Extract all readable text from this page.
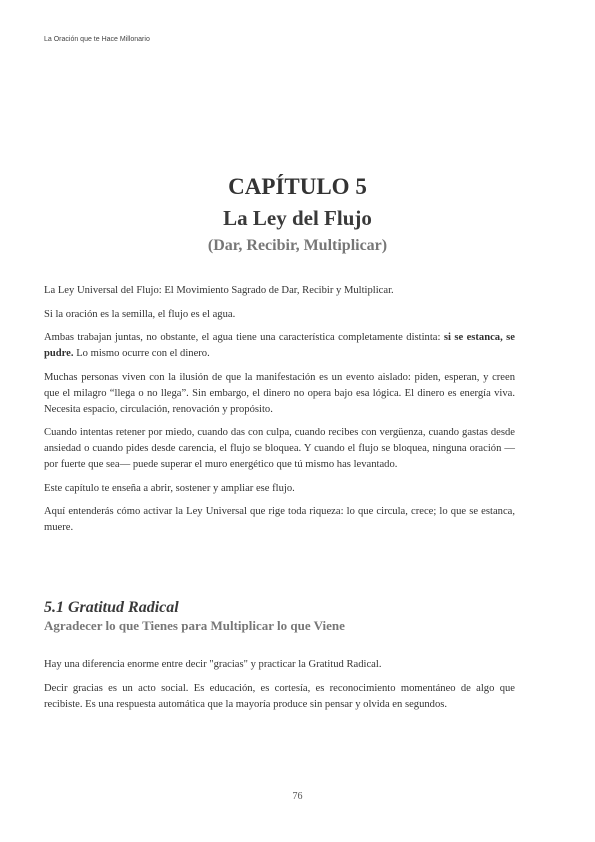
La Oración que te Hace Millonario
CAPÍTULO 5
La Ley del Flujo
(Dar, Recibir, Multiplicar)

La Ley Universal del Flujo: El Movimiento Sagrado de Dar, Recibir y Multiplicar.

Si la oración es la semilla, el flujo es el agua.

Ambas trabajan juntas, no obstante, el agua tiene una característica completamente distinta: si se estanca, se pudre. Lo mismo ocurre con el dinero.

Muchas personas viven con la ilusión de que la manifestación es un evento aislado: piden, esperan, y creen que el milagro “llega o no llega”. Sin embargo, el dinero no opera bajo esa lógica. El dinero es energía viva. Necesita espacio, circulación, renovación y propósito.

Cuando intentas retener por miedo, cuando das con culpa, cuando recibes con vergüenza, cuando gastas desde ansiedad o cuando pides desde carencia, el flujo se bloquea. Y cuando el flujo se bloquea, ninguna oración —por fuerte que sea— puede superar el muro energético que tú mismo has levantado.

Este capítulo te enseña a abrir, sostener y ampliar ese flujo.

Aquí entenderás cómo activar la Ley Universal que rige toda riqueza: lo que circula, crece; lo que se estanca, muere.

5.1 Gratitud Radical
Agradecer lo que Tienes para Multiplicar lo que Viene

Hay una diferencia enorme entre decir "gracias" y practicar la Gratitud Radical.

Decir gracias es un acto social. Es educación, es cortesía, es reconocimiento momentáneo de algo que recibiste. Es una respuesta automática que la mayoría produce sin pensar y olvida en segundos.

76
